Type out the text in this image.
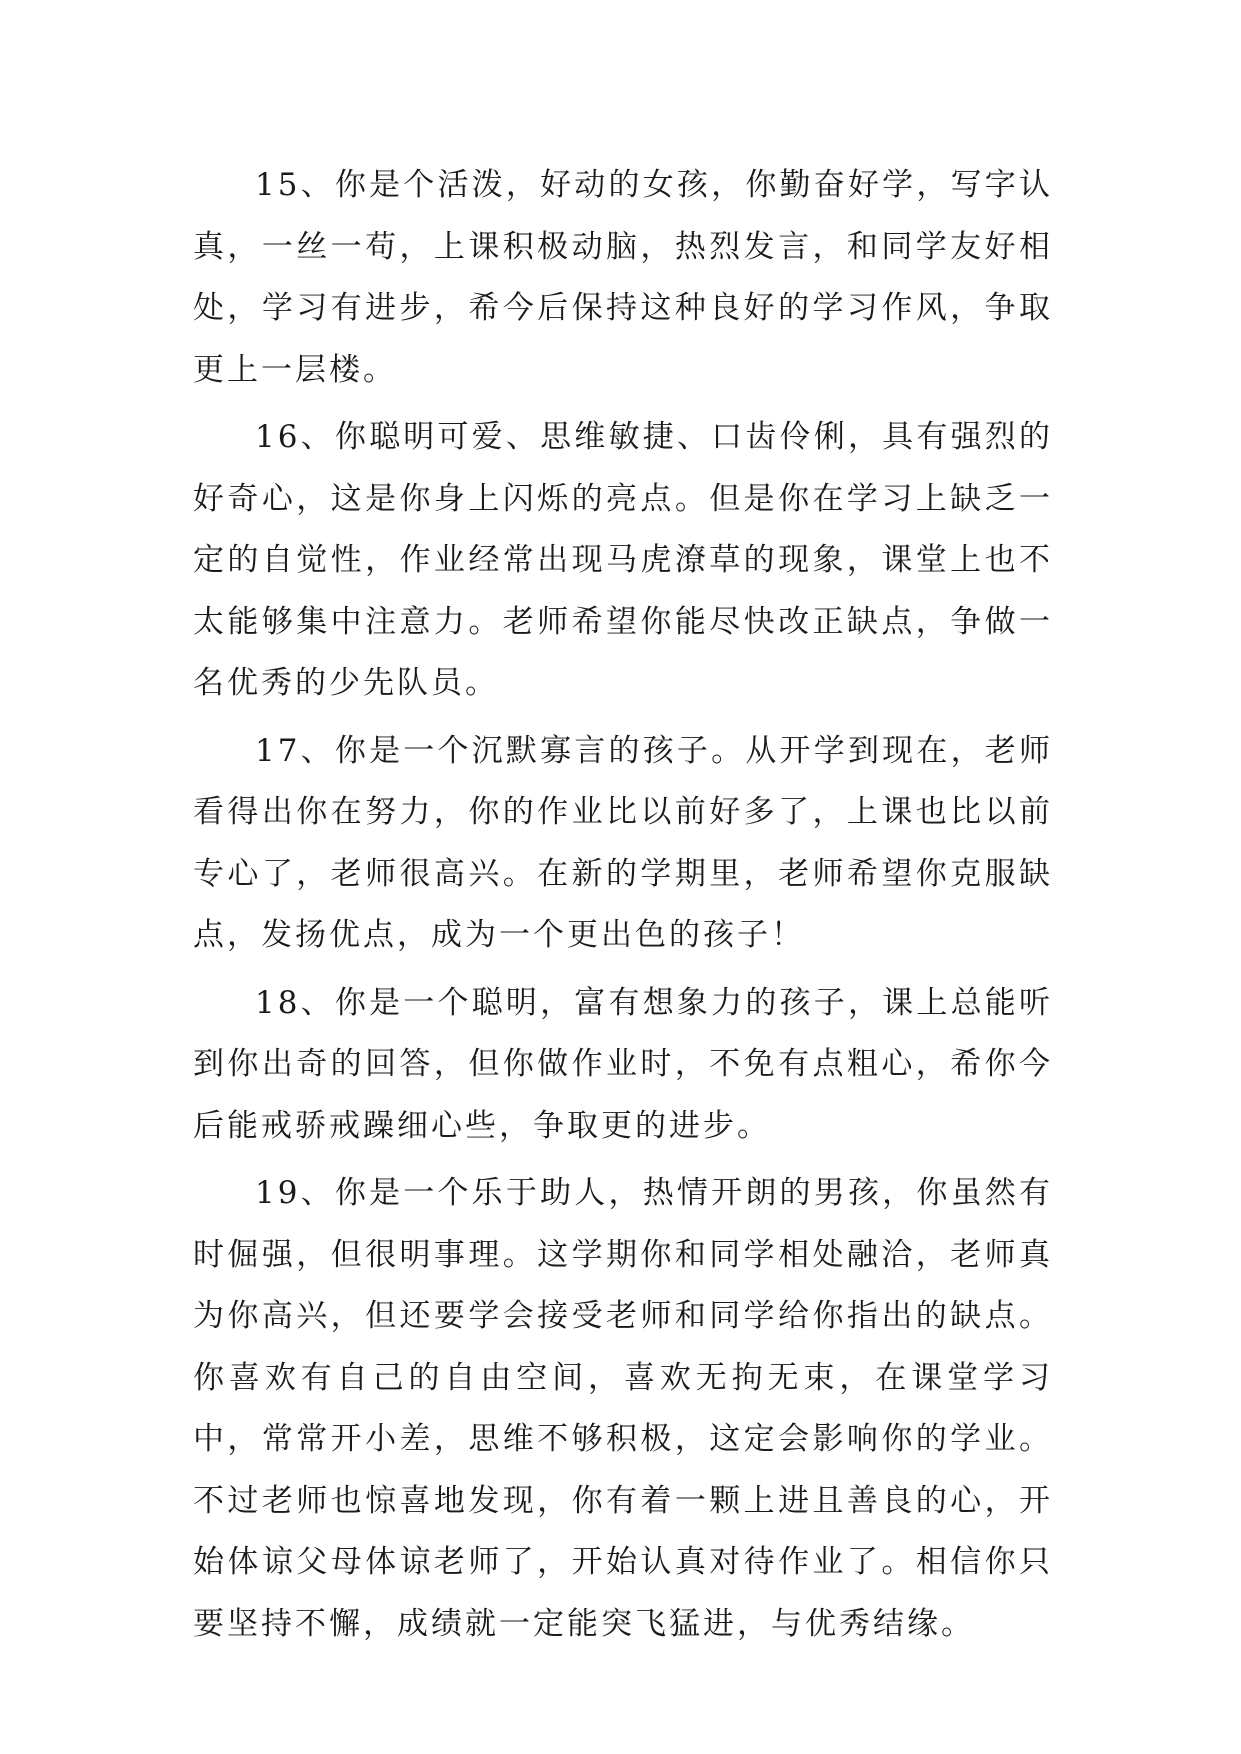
15、你是个活泼，好动的女孩，你勤奋好学，写字认真，一丝一苟，上课积极动脑，热烈发言，和同学友好相处，学习有进步，希今后保持这种良好的学习作风，争取更上一层楼。

16、你聪明可爱、思维敏捷、口齿伶俐，具有强烈的好奇心，这是你身上闪烁的亮点。但是你在学习上缺乏一定的自觉性，作业经常出现马虎潦草的现象，课堂上也不太能够集中注意力。老师希望你能尽快改正缺点，争做一名优秀的少先队员。

17、你是一个沉默寡言的孩子。从开学到现在，老师看得出你在努力，你的作业比以前好多了，上课也比以前专心了，老师很高兴。在新的学期里，老师希望你克服缺点，发扬优点，成为一个更出色的孩子！

18、你是一个聪明，富有想象力的孩子，课上总能听到你出奇的回答，但你做作业时，不免有点粗心，希你今后能戒骄戒躁细心些，争取更的进步。

19、你是一个乐于助人，热情开朗的男孩，你虽然有时倔强，但很明事理。这学期你和同学相处融洽，老师真为你高兴，但还要学会接受老师和同学给你指出的缺点。你喜欢有自己的自由空间，喜欢无拘无束，在课堂学习中，常常开小差，思维不够积极，这定会影响你的学业。不过老师也惊喜地发现，你有着一颗上进且善良的心，开始体谅父母体谅老师了，开始认真对待作业了。相信你只要坚持不懈，成绩就一定能突飞猛进，与优秀结缘。
